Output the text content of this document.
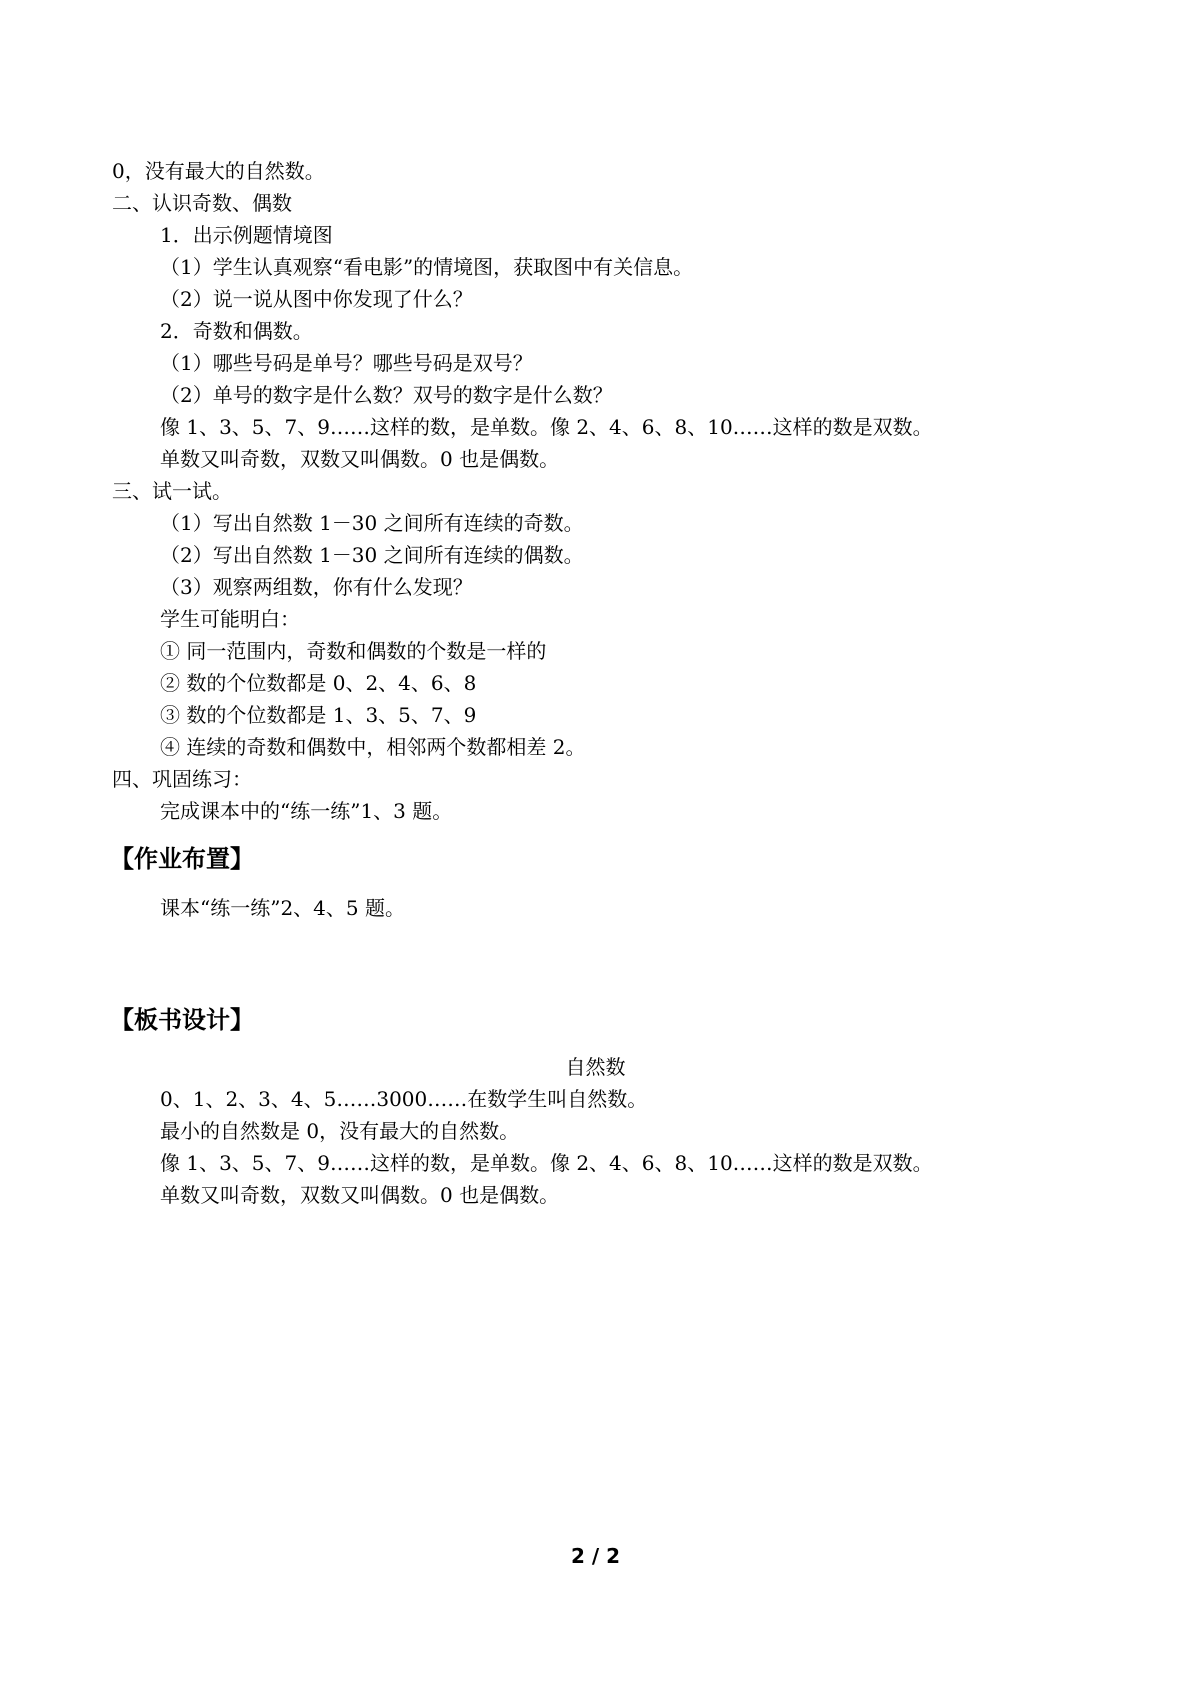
0，没有最大的自然数。
二、认识奇数、偶数
1．出示例题情境图
（1）学生认真观察“看电影”的情境图，获取图中有关信息。
（2）说一说从图中你发现了什么？
2．奇数和偶数。
（1）哪些号码是单号？哪些号码是双号？
（2）单号的数字是什么数？双号的数字是什么数？
像 1、3、5、7、9……这样的数，是单数。像 2、4、6、8、10……这样的数是双数。
单数又叫奇数，双数又叫偶数。0 也是偶数。
三、试一试。
（1）写出自然数 1－30 之间所有连续的奇数。
（2）写出自然数 1－30 之间所有连续的偶数。
（3）观察两组数，你有什么发现？
学生可能明白：
① 同一范围内，奇数和偶数的个数是一样的
② 数的个位数都是 0、2、4、6、8
③ 数的个位数都是 1、3、5、7、9
④ 连续的奇数和偶数中，相邻两个数都相差 2。
四、巩固练习：
完成课本中的“练一练”1、3 题。
【作业布置】
课本“练一练”2、4、5 题。
【板书设计】
自然数
0、1、2、3、4、5……3000……在数学生叫自然数。
最小的自然数是 0，没有最大的自然数。
像 1、3、5、7、9……这样的数，是单数。像 2、4、6、8、10……这样的数是双数。
单数又叫奇数，双数又叫偶数。0 也是偶数。
2 / 2
